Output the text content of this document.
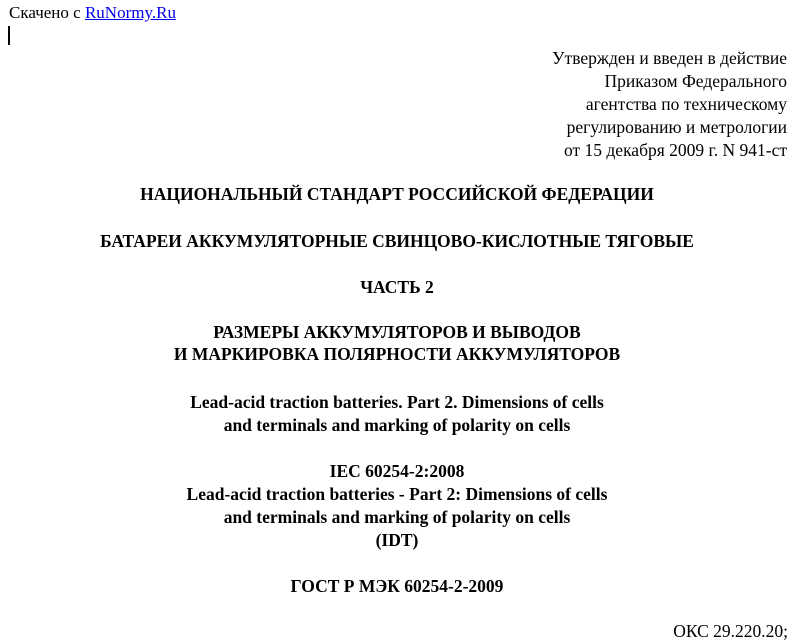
Скачено с RuNormy.Ru
Утвержден и введен в действие
Приказом Федерального
агентства по техническому
регулированию и метрологии
от 15 декабря 2009 г. N 941-ст
НАЦИОНАЛЬНЫЙ СТАНДАРТ РОССИЙСКОЙ ФЕДЕРАЦИИ
БАТАРЕИ АККУМУЛЯТОРНЫЕ СВИНЦОВО-КИСЛОТНЫЕ ТЯГОВЫЕ
ЧАСТЬ 2
РАЗМЕРЫ АККУМУЛЯТОРОВ И ВЫВОДОВ
И МАРКИРОВКА ПОЛЯРНОСТИ АККУМУЛЯТОРОВ
Lead-acid traction batteries. Part 2. Dimensions of cells
and terminals and marking of polarity on cells
IEC 60254-2:2008
Lead-acid traction batteries - Part 2: Dimensions of cells
and terminals and marking of polarity on cells
(IDT)
ГОСТ Р МЭК 60254-2-2009
ОКС 29.220.20;
